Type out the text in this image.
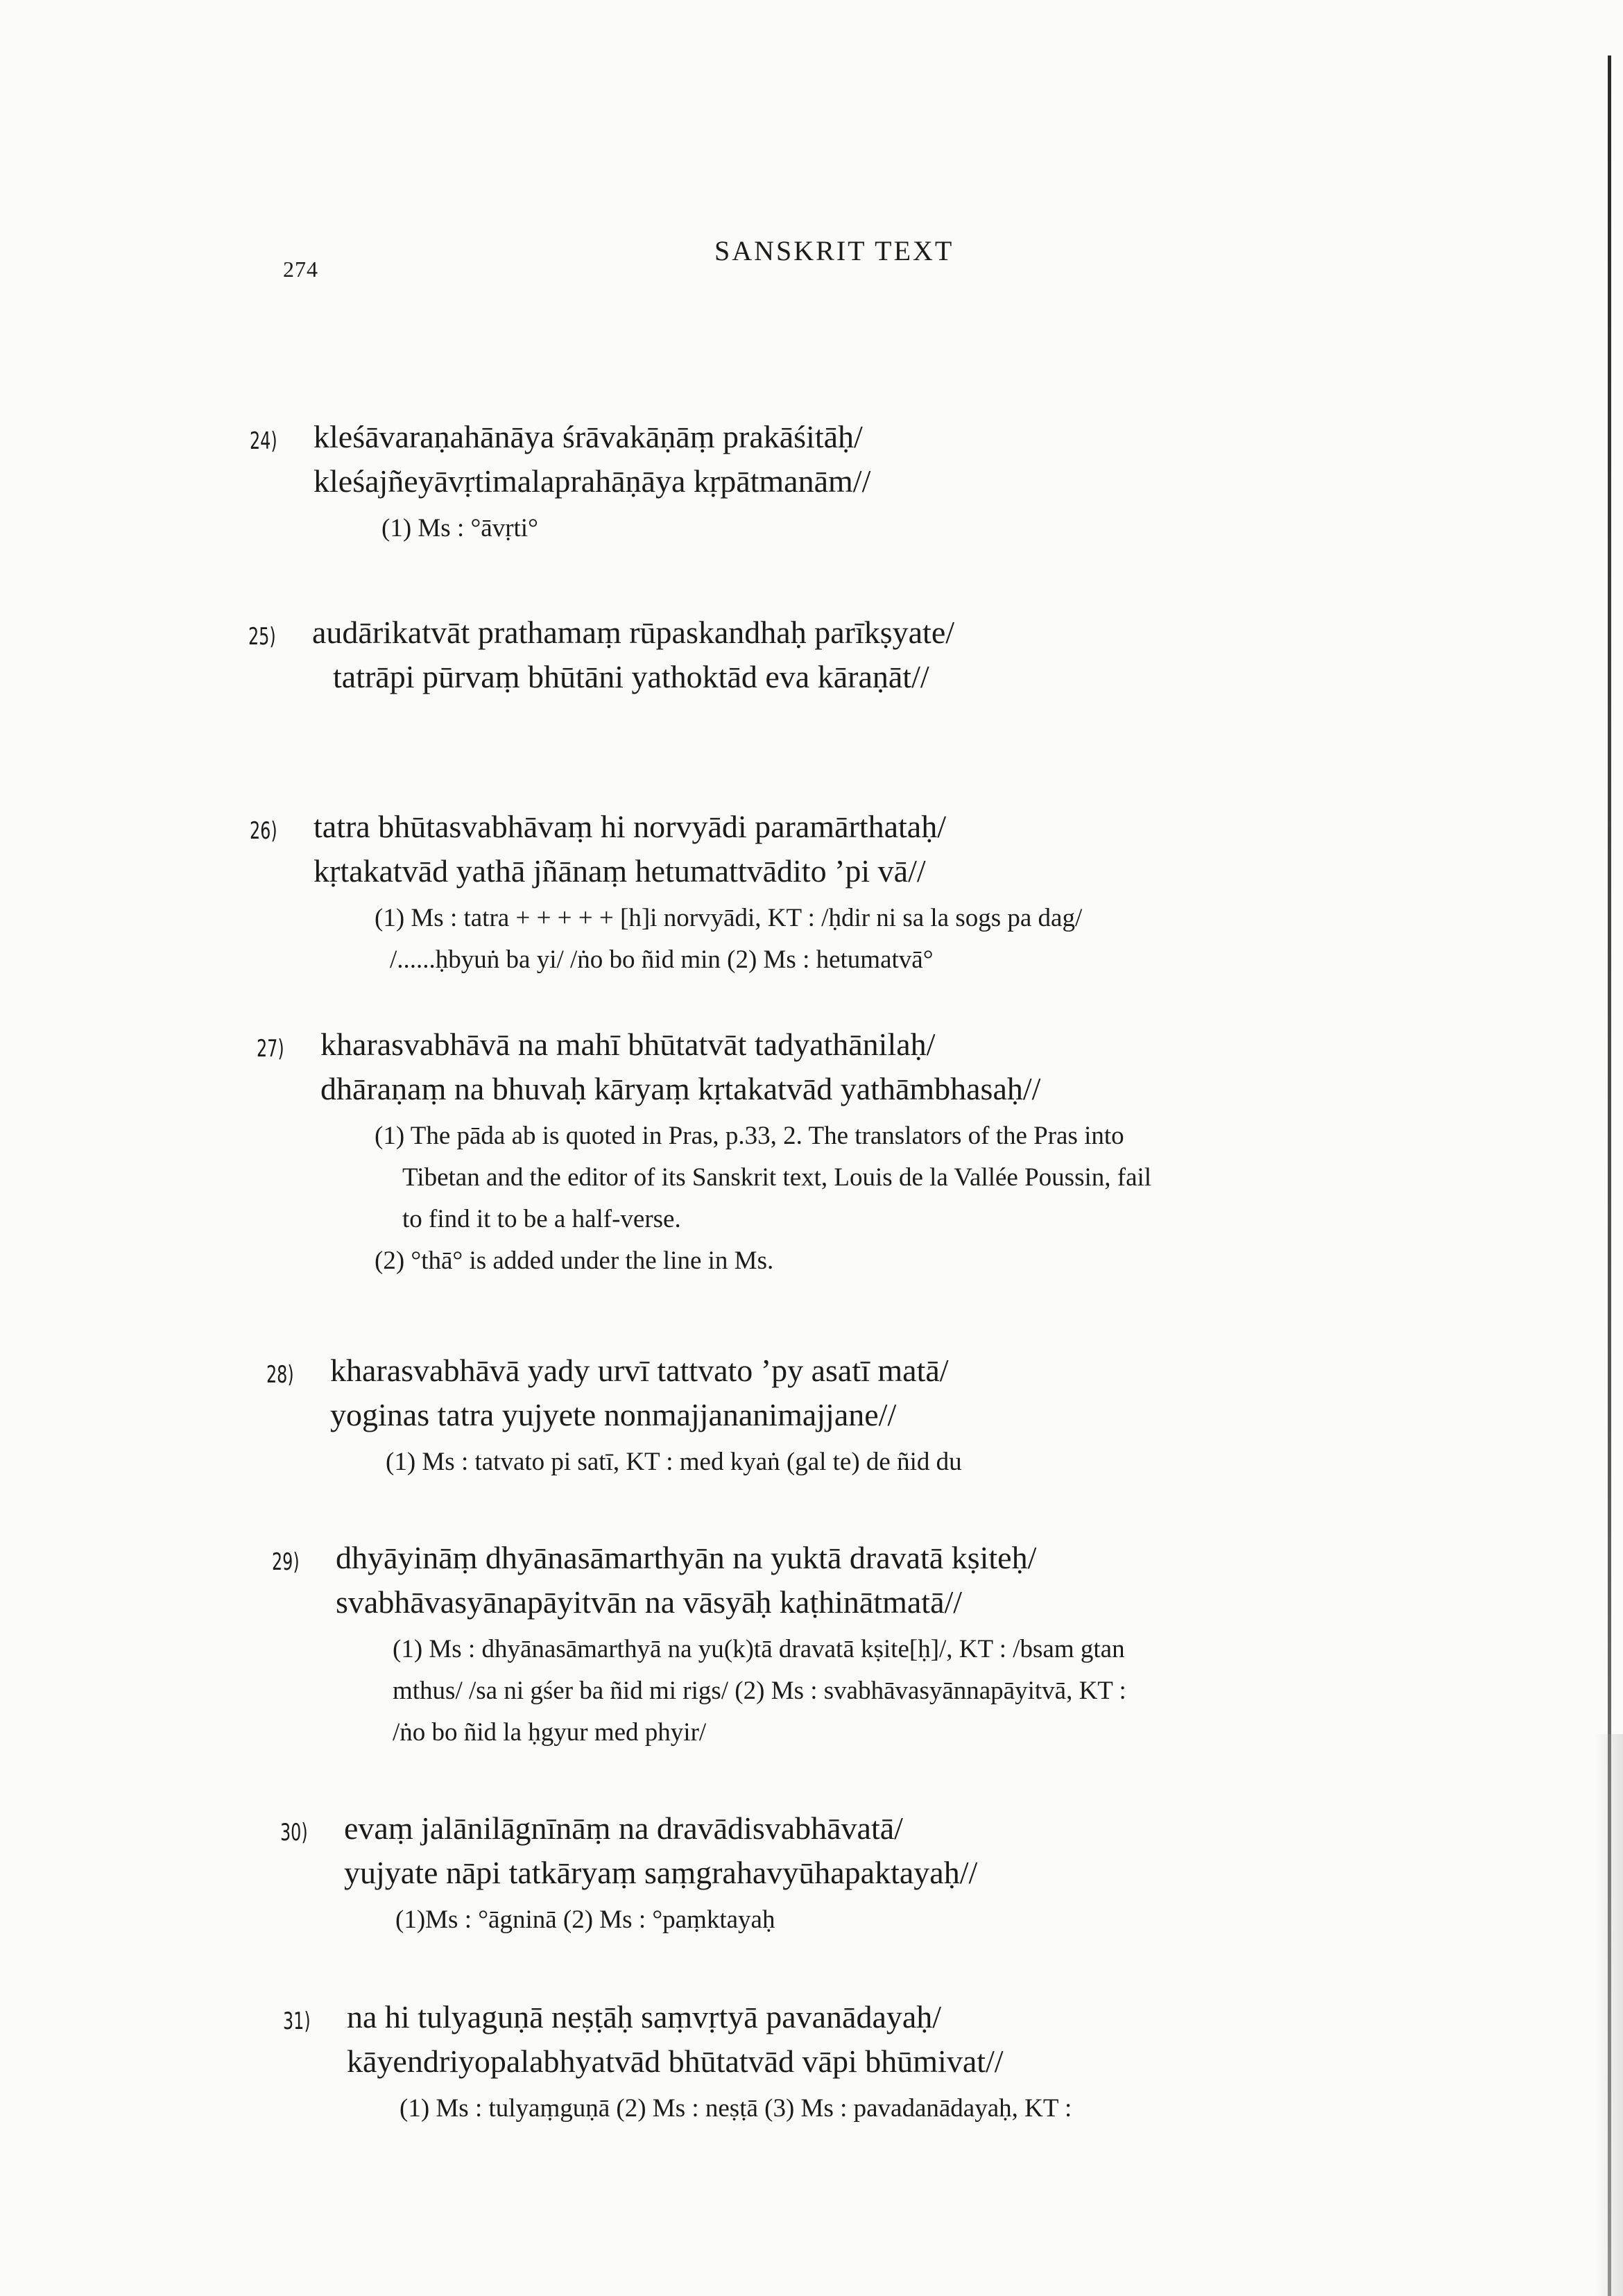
274
SANSKRIT TEXT
24) kleśāvaraṇahānāya śrāvakāṇāṃ prakāśitāḥ/
kleśajñeyāvṛtimalaprahāṇāya kṛpātmanām//
(1) Ms : °āvṛti°
25) audārikatvāt prathamaṃ rūpaskandhaḥ parīkṣyate/
tatrāpi pūrvaṃ bhūtāni yathoktād eva kāraṇāt//
26) tatra bhūtasvabhāvaṃ hi norvyādi paramārthataḥ/
kṛtakatvād yathā jñānaṃ hetumattvādito ’pi vā//
(1) Ms : tatra + + + + + [h]i norvyādi, KT : /ḥdir ni sa la sogs pa dag/
/......ḥbyuṅ ba yi/ /ṅo bo ñid min (2) Ms : hetumatvā°
27) kharasvabhāvā na mahī bhūtatvāt tadyathānilaḥ/
dhāraṇaṃ na bhuvaḥ kāryaṃ kṛtakatvād yathāmbhasaḥ//
(1) The pāda ab is quoted in Pras, p.33, 2. The translators of the Pras into
Tibetan and the editor of its Sanskrit text, Louis de la Vallée Poussin, fail
to find it to be a half-verse.
(2) °thā° is added under the line in Ms.
28) kharasvabhāvā yady urvī tattvato ’py asatī matā/
yoginas tatra yujyete nonmajjananimajjane//
(1) Ms : tatvato pi satī, KT : med kyaṅ (gal te) de ñid du
29) dhyāyināṃ dhyānasāmarthyān na yuktā dravatā kṣiteḥ/
svabhāvasyānapāyitvān na vāsyāḥ kaṭhinātmatā//
(1) Ms : dhyānasāmarthyā na yu(k)tā dravatā kṣite[ḥ]/, KT : /bsam gtan
mthus/ /sa ni gśer ba ñid mi rigs/ (2) Ms : svabhāvasyānnapāyitvā, KT :
/ṅo bo ñid la ḥgyur med phyir/
30) evaṃ jalānilāgnīnāṃ na dravādisvabhāvatā/
yujyate nāpi tatkāryaṃ saṃgrahavyūhapaktayaḥ//
(1)Ms : °āgninā (2) Ms : °paṃktayaḥ
31) na hi tulyaguṇā neṣṭāḥ saṃvṛtyā pavanādayaḥ/
kāyendriyopalabhyatvād bhūtatvād vāpi bhūmivat//
(1) Ms : tulyaṃguṇā (2) Ms : neṣṭā (3) Ms : pavadanādayaḥ, KT :
